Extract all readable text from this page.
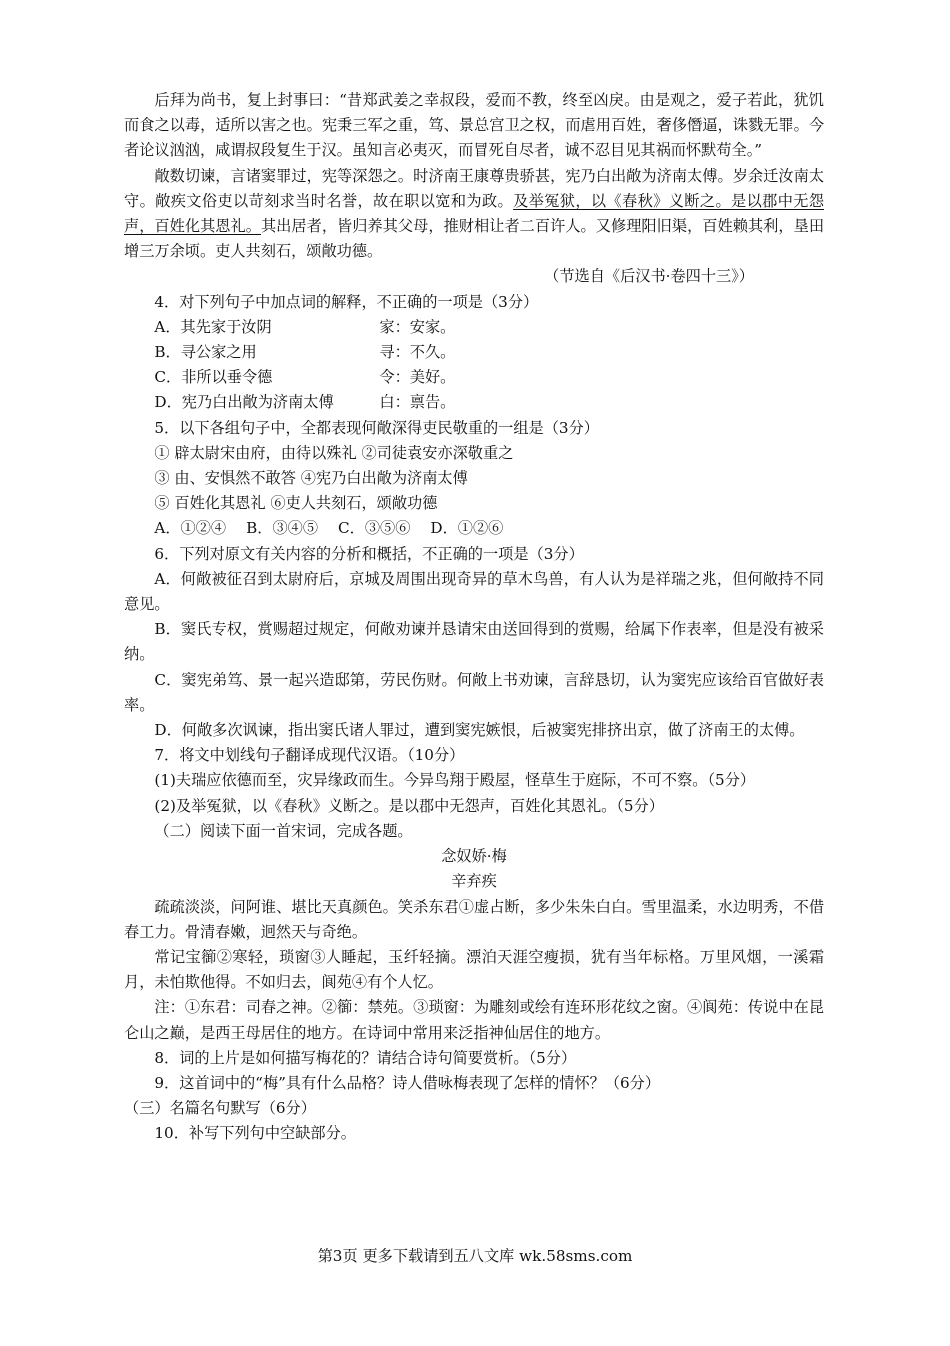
后拜为尚书，复上封事曰：“昔郑武姜之幸叔段，爱而不教，终至凶戾。由是观之，爱子若此，犹饥而食之以毒，适所以害之也。宪秉三军之重，笃、景总宫卫之权，而虐用百姓，奢侈僭逼，诛戮无罪。今者论议汹汹，咸谓叔段复生于汉。虽知言必夷灭，而冒死自尽者，诚不忍目见其祸而怀默苟全。”

敞数切谏，言诸窦罪过，宪等深怨之。时济南王康尊贵骄甚，宪乃白出敞为济南太傅。岁余迁汝南太守。敞疾文俗吏以苛刻求当时名誉，故在职以宽和为政。及举冤狱，以《春秋》义断之。是以郡中无怨声，百姓化其恩礼。其出居者，皆归养其父母，推财相让者二百许人。又修理阳旧渠，百姓赖其利，垦田增三万余顷。吏人共刻石，颂敞功德。

（节选自《后汉书·卷四十三》）

4．对下列句子中加点词的解释，不正确的一项是（3分）

A．其先家于汝阴	家：安家。
B．寻公家之用	寻：不久。
C．非所以垂令德	令：美好。
D．宪乃白出敞为济南太傅	白：禀告。

5．以下各组句子中，全都表现何敞深得吏民敬重的一组是（3分）

① 辟太尉宋由府，由待以殊礼 ②司徒袁安亦深敬重之

③ 由、安惧然不敢答 ④宪乃白出敞为济南太傅

⑤ 百姓化其恩礼 ⑥吏人共刻石，颂敞功德

A．①②④　 B．③④⑤　 C．③⑤⑥　 D．①②⑥

6．下列对原文有关内容的分析和概括，不正确的一项是（3分）

A．何敞被征召到太尉府后，京城及周围出现奇异的草木鸟兽，有人认为是祥瑞之兆，但何敞持不同意见。

B．窦氏专权，赏赐超过规定，何敞劝谏并恳请宋由送回得到的赏赐，给属下作表率，但是没有被采纳。

C．窦宪弟笃、景一起兴造邸第，劳民伤财。何敞上书劝谏，言辞恳切，认为窦宪应该给百官做好表率。

D．何敞多次讽谏，指出窦氏诸人罪过，遭到窦宪嫉恨，后被窦宪排挤出京，做了济南王的太傅。

7．将文中划线句子翻译成现代汉语。（10分）

(1)夫瑞应依德而至，灾异缘政而生。今异鸟翔于殿屋，怪草生于庭际，不可不察。（5分）

(2)及举冤狱，以《春秋》义断之。是以郡中无怨声，百姓化其恩礼。（5分）

（二）阅读下面一首宋词，完成各题。

念奴娇·梅

辛弃疾

疏疏淡淡，问阿谁、堪比天真颜色。笑杀东君①虚占断，多少朱朱白白。雪里温柔，水边明秀，不借春工力。骨清春嫩，迥然天与奇绝。

常记宝篽②寒轻，琐窗③人睡起，玉纤轻摘。漂泊天涯空瘦损，犹有当年标格。万里风烟，一溪霜月，未怕欺他得。不如归去，阆苑④有个人忆。

注：①东君：司春之神。②篽：禁苑。③琐窗：为雕刻或绘有连环形花纹之窗。④阆苑：传说中在昆仑山之巅，是西王母居住的地方。在诗词中常用来泛指神仙居住的地方。

8．词的上片是如何描写梅花的？请结合诗句简要赏析。（5分）

9．这首词中的“梅”具有什么品格？诗人借咏梅表现了怎样的情怀？（6分）

（三）名篇名句默写（6分）

10．补写下列句中空缺部分。

第3页 更多下载请到五八文库 wk.58sms.com
